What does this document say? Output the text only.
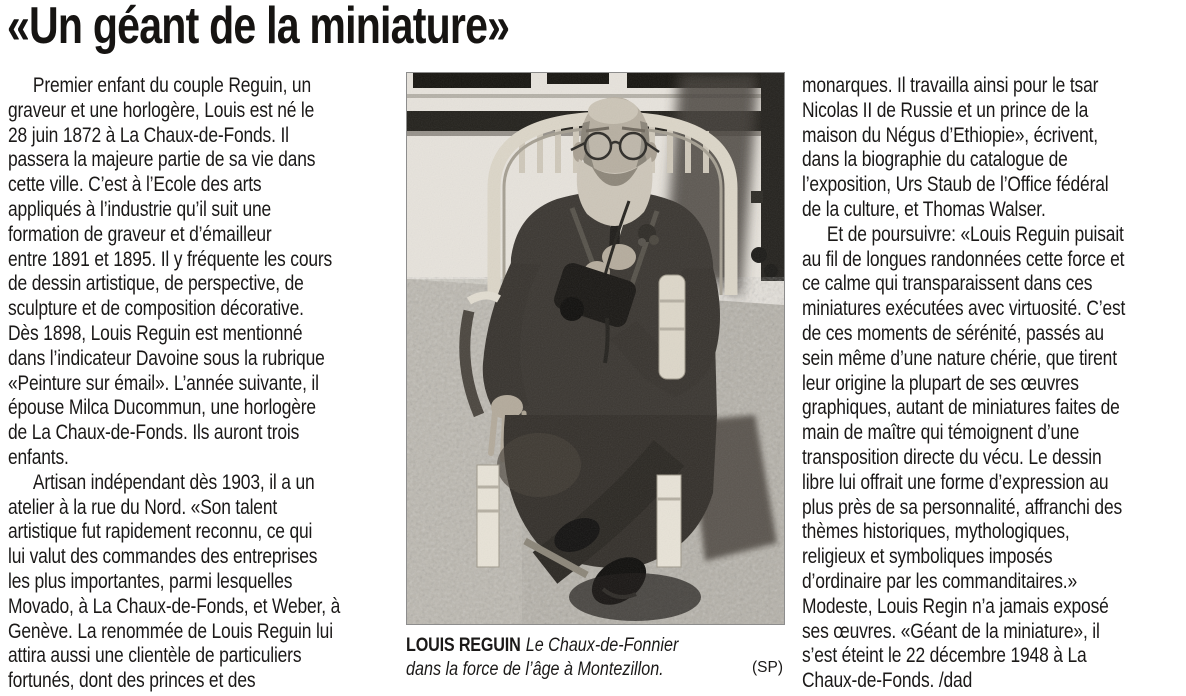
«Un géant de la miniature»
Premier enfant du couple Reguin, un
graveur et une horlogère, Louis est né le
28 juin 1872 à La Chaux-de-Fonds. Il
passera la majeure partie de sa vie dans
cette ville. C’est à l’Ecole des arts
appliqués à l’industrie qu’il suit une
formation de graveur et d’émailleur
entre 1891 et 1895. Il y fréquente les cours
de dessin artistique, de perspective, de
sculpture et de composition décorative.
Dès 1898, Louis Reguin est mentionné
dans l’indicateur Davoine sous la rubrique
«Peinture sur émail». L’année suivante, il
épouse Milca Ducommun, une horlogère
de La Chaux-de-Fonds. Ils auront trois
enfants.
Artisan indépendant dès 1903, il a un
atelier à la rue du Nord. «Son talent
artistique fut rapidement reconnu, ce qui
lui valut des commandes des entreprises
les plus importantes, parmi lesquelles
Movado, à La Chaux-de-Fonds, et Weber, à
Genève. La renommée de Louis Reguin lui
attira aussi une clientèle de particuliers
fortunés, dont des princes et des
LOUIS REGUIN Le Chaux-de-Fonnier
dans la force de l’âge à Montezillon.	(SP)
monarques. Il travailla ainsi pour le tsar
Nicolas II de Russie et un prince de la
maison du Négus d’Ethiopie», écrivent,
dans la biographie du catalogue de
l’exposition, Urs Staub de l’Office fédéral
de la culture, et Thomas Walser.
Et de poursuivre: «Louis Reguin puisait
au fil de longues randonnées cette force et
ce calme qui transparaissent dans ces
miniatures exécutées avec virtuosité. C’est
de ces moments de sérénité, passés au
sein même d’une nature chérie, que tirent
leur origine la plupart de ses œuvres
graphiques, autant de miniatures faites de
main de maître qui témoignent d’une
transposition directe du vécu. Le dessin
libre lui offrait une forme d’expression au
plus près de sa personnalité, affranchi des
thèmes historiques, mythologiques,
religieux et symboliques imposés
d’ordinaire par les commanditaires.»
Modeste, Louis Regin n’a jamais exposé
ses œuvres. «Géant de la miniature», il
s’est éteint le 22 décembre 1948 à La
Chaux-de-Fonds. /dad
